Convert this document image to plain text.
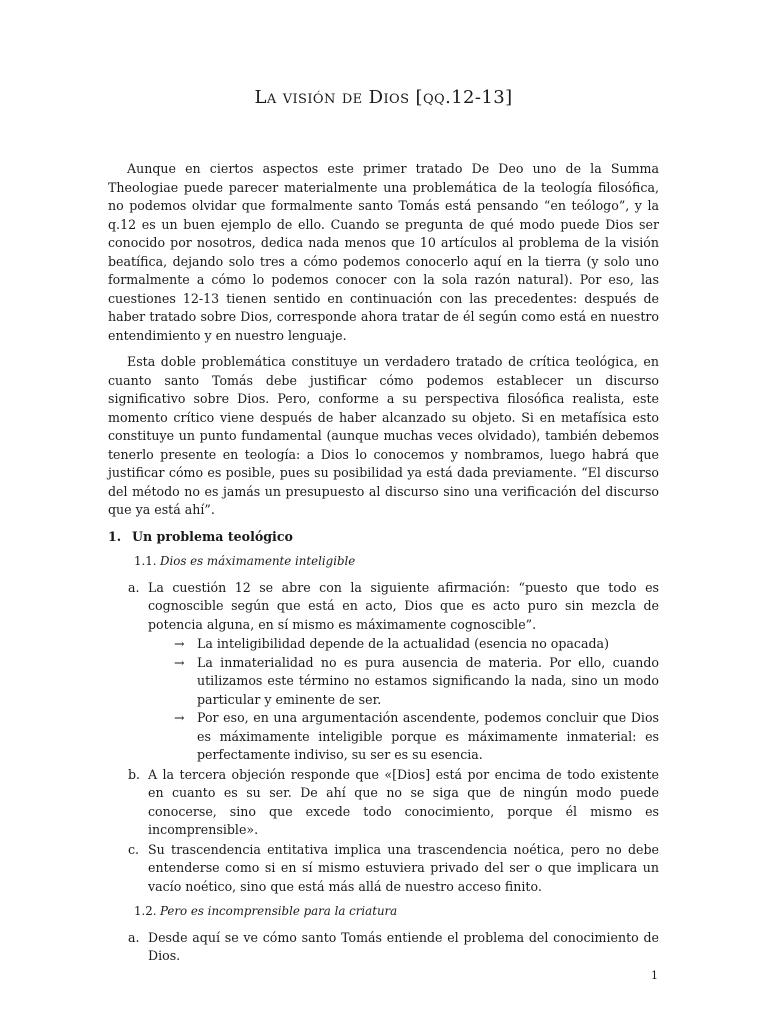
La visión de Dios [qq.12-13]

Aunque en ciertos aspectos este primer tratado De Deo uno de la Summa Theologiae puede parecer materialmente una problemática de la teología filosófica, no podemos olvidar que formalmente santo Tomás está pensando “en teólogo”, y la q.12 es un buen ejemplo de ello. Cuando se pregunta de qué modo puede Dios ser conocido por nosotros, dedica nada menos que 10 artículos al problema de la visión beatífica, dejando solo tres a cómo podemos conocerlo aquí en la tierra (y solo uno formalmente a cómo lo podemos conocer con la sola razón natural). Por eso, las cuestiones 12-13 tienen sentido en continuación con las precedentes: después de haber tratado sobre Dios, corresponde ahora tratar de él según como está en nuestro entendimiento y en nuestro lenguaje.

Esta doble problemática constituye un verdadero tratado de crítica teológica, en cuanto santo Tomás debe justificar cómo podemos establecer un discurso significativo sobre Dios. Pero, conforme a su perspectiva filosófica realista, este momento crítico viene después de haber alcanzado su objeto. Si en metafísica esto constituye un punto fundamental (aunque muchas veces olvidado), también debemos tenerlo presente en teología: a Dios lo conocemos y nombramos, luego habrá que justificar cómo es posible, pues su posibilidad ya está dada previamente. “El discurso del método no es jamás un presupuesto al discurso sino una verificación del discurso que ya está ahí”.

1. Un problema teológico
1.1. Dios es máximamente inteligible
a. La cuestión 12 se abre con la siguiente afirmación: “puesto que todo es cognoscible según que está en acto, Dios que es acto puro sin mezcla de potencia alguna, en sí mismo es máximamente cognoscible”.
→ La inteligibilidad depende de la actualidad (esencia no opacada)
→ La inmaterialidad no es pura ausencia de materia. Por ello, cuando utilizamos este término no estamos significando la nada, sino un modo particular y eminente de ser.
→ Por eso, en una argumentación ascendente, podemos concluir que Dios es máximamente inteligible porque es máximamente inmaterial: es perfectamente indiviso, su ser es su esencia.
b. A la tercera objeción responde que «[Dios] está por encima de todo existente en cuanto es su ser. De ahí que no se siga que de ningún modo puede conocerse, sino que excede todo conocimiento, porque él mismo es incomprensible».
c. Su trascendencia entitativa implica una trascendencia noética, pero no debe entenderse como si en sí mismo estuviera privado del ser o que implicara un vacío noético, sino que está más allá de nuestro acceso finito.
1.2. Pero es incomprensible para la criatura
a. Desde aquí se ve cómo santo Tomás entiende el problema del conocimiento de Dios.
1
